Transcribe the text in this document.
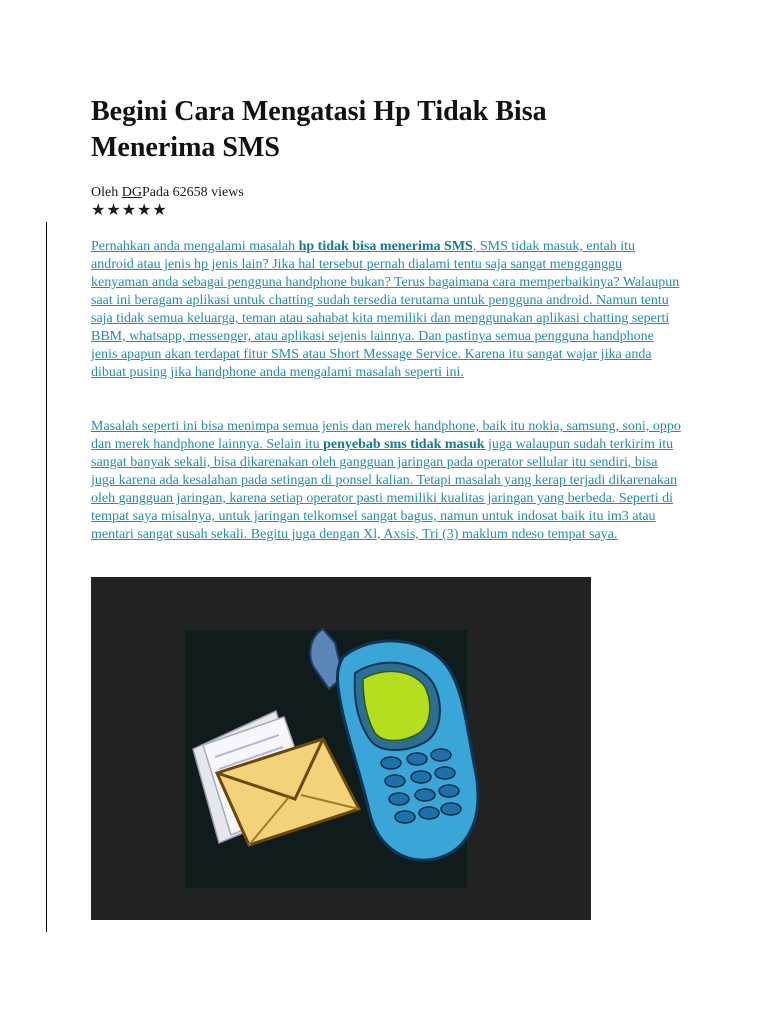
Begini Cara Mengatasi Hp Tidak Bisa Menerima SMS
Oleh DGPada 62658 views
★★★★★

Pernahkan anda mengalami masalah hp tidak bisa menerima SMS, SMS tidak masuk, entah itu android atau jenis hp jenis lain? Jika hal tersebut pernah dialami tentu saja sangat mengganggu kenyaman anda sebagai pengguna handphone bukan? Terus bagaimana cara memperbaikinya? Walaupun saat ini beragam aplikasi untuk chatting sudah tersedia terutama untuk pengguna android. Namun tentu saja tidak semua keluarga, teman atau sahabat kita memiliki dan menggunakan aplikasi chatting seperti BBM, whatsapp, messenger, atau aplikasi sejenis lainnya. Dan pastinya semua pengguna handphone jenis apapun akan terdapat fitur SMS atau Short Message Service. Karena itu sangat wajar jika anda dibuat pusing jika handphone anda mengalami masalah seperti ini.

Masalah seperti ini bisa menimpa semua jenis dan merek handphone, baik itu nokia, samsung, soni, oppo dan merek handphone lainnya. Selain itu penyebab sms tidak masuk juga walaupun sudah terkirim itu sangat banyak sekali, bisa dikarenakan oleh gangguan jaringan pada operator sellular itu sendiri, bisa juga karena ada kesalahan pada setingan di ponsel kalian. Tetapi masalah yang kerap terjadi dikarenakan oleh gangguan jaringan, karena setiap operator pasti memiliki kualitas jaringan yang berbeda. Seperti di tempat saya misalnya, untuk jaringan telkomsel sangat bagus, namun untuk indosat baik itu im3 atau mentari sangat susah sekali. Begitu juga dengan Xl, Axsis, Tri (3) maklum ndeso tempat saya.
